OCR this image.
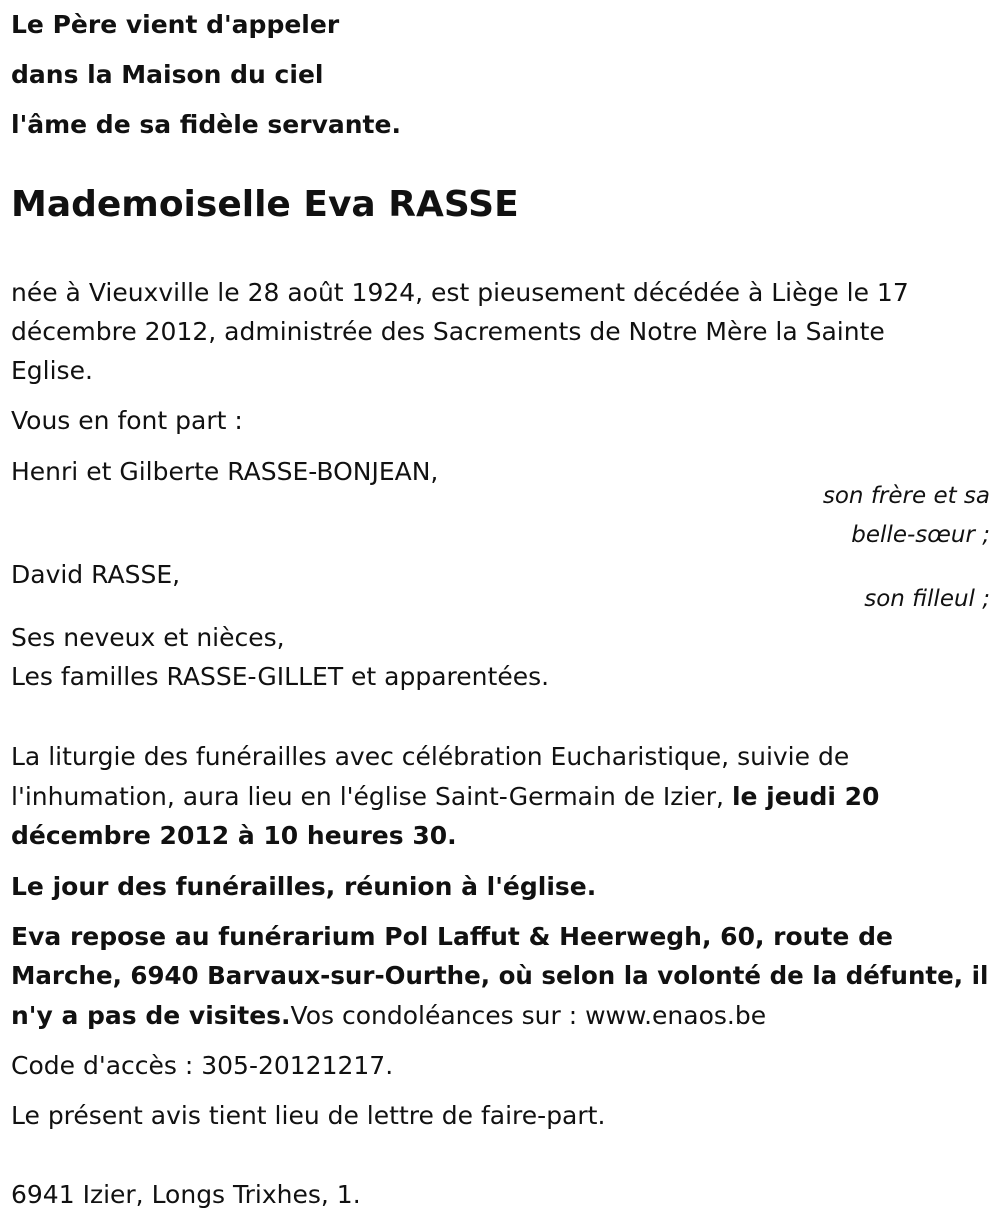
Le Père vient d'appeler
dans la Maison du ciel
l'âme de sa fidèle servante.
Mademoiselle Eva RASSE
née à Vieuxville le 28 août 1924, est pieusement décédée à Liège le 17
décembre 2012, administrée des Sacrements de Notre Mère la Sainte
Eglise.
Vous en font part :
Henri et Gilberte RASSE-BONJEAN,
son frère et sa
belle-sœur ;
David RASSE,
son filleul ;
Ses neveux et nièces,
Les familles RASSE-GILLET et apparentées.
La liturgie des funérailles avec célébration Eucharistique, suivie de
l'inhumation, aura lieu en l'église Saint-Germain de Izier, le jeudi 20
décembre 2012 à 10 heures 30.
Le jour des funérailles, réunion à l'église.
Eva repose au funérarium Pol Laffut & Heerwegh, 60, route de
Marche, 6940 Barvaux-sur-Ourthe, où selon la volonté de la défunte, il
n'y a pas de visites.Vos condoléances sur : www.enaos.be
Code d'accès : 305-20121217.
Le présent avis tient lieu de lettre de faire-part.
6941 Izier, Longs Trixhes, 1.
